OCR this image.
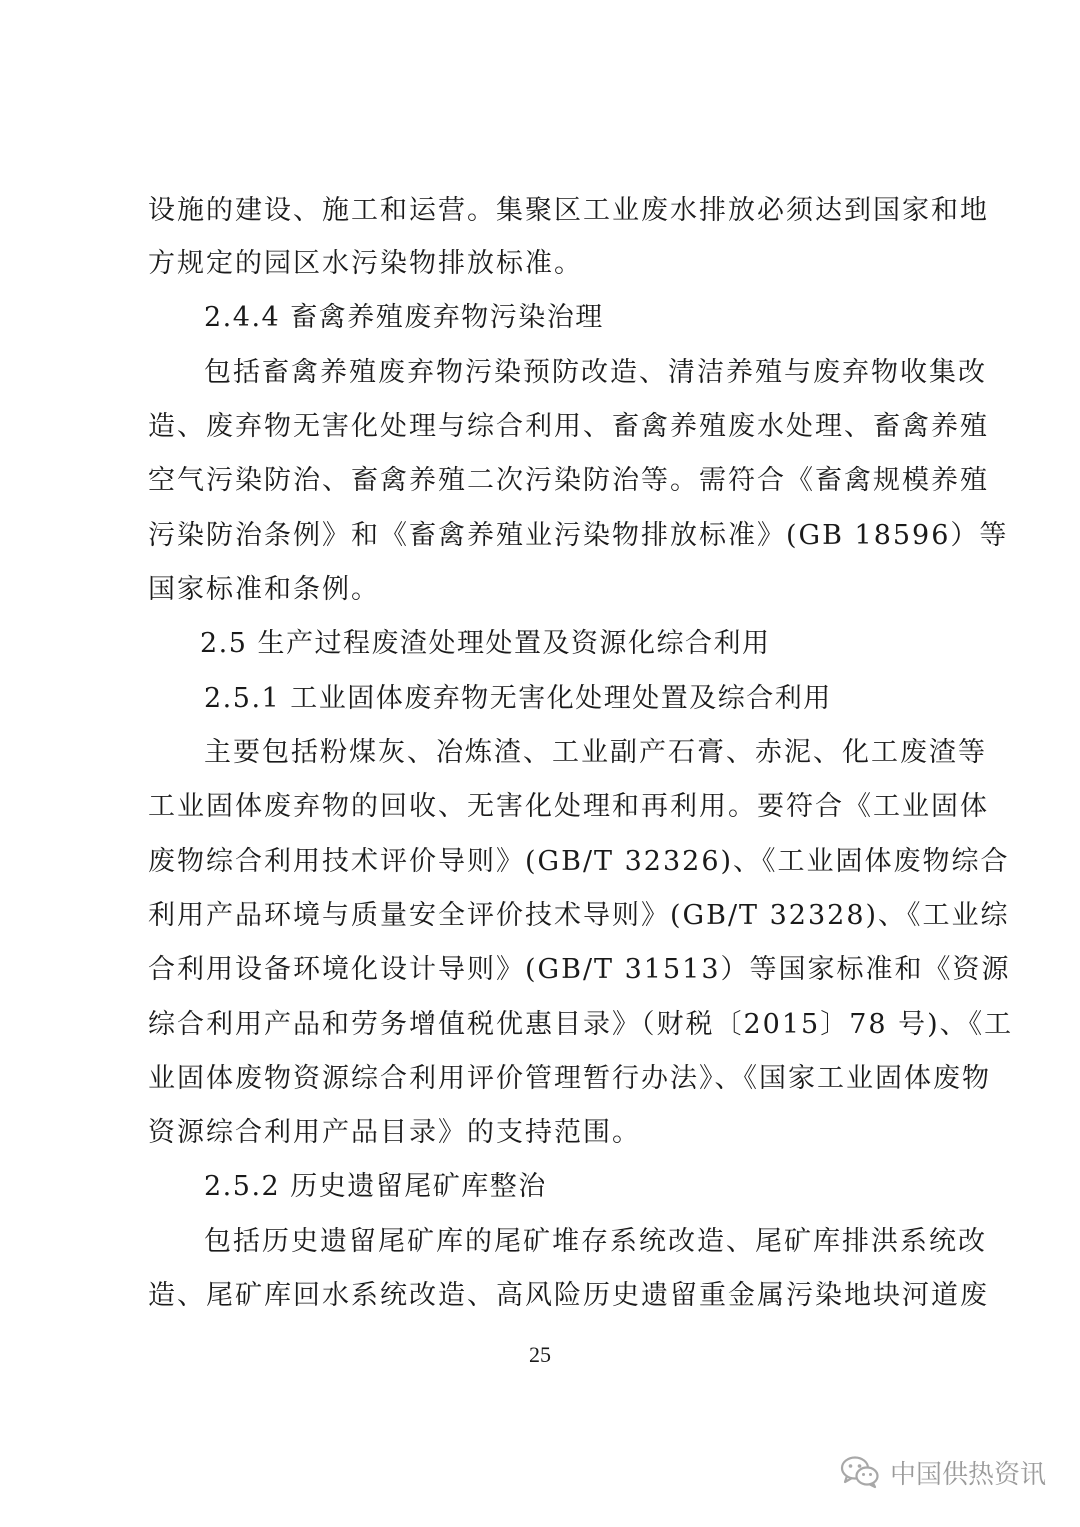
设施的建设、施工和运营。集聚区工业废水排放必须达到国家和地
方规定的园区水污染物排放标准。
2.4.4 畜禽养殖废弃物污染治理
包括畜禽养殖废弃物污染预防改造、清洁养殖与废弃物收集改
造、废弃物无害化处理与综合利用、畜禽养殖废水处理、畜禽养殖
空气污染防治、畜禽养殖二次污染防治等。需符合《畜禽规模养殖
污染防治条例》和《畜禽养殖业污染物排放标准》(GB 18596）等
国家标准和条例。
2.5 生产过程废渣处理处置及资源化综合利用
2.5.1 工业固体废弃物无害化处理处置及综合利用
主要包括粉煤灰、冶炼渣、工业副产石膏、赤泥、化工废渣等
工业固体废弃物的回收、无害化处理和再利用。要符合《工业固体
废物综合利用技术评价导则》(GB/T 32326)、《工业固体废物综合
利用产品环境与质量安全评价技术导则》(GB/T 32328)、《工业综
合利用设备环境化设计导则》(GB/T 31513）等国家标准和《资源
综合利用产品和劳务增值税优惠目录》（财税〔2015〕78 号)、《工
业固体废物资源综合利用评价管理暂行办法》、《国家工业固体废物
资源综合利用产品目录》的支持范围。
2.5.2 历史遗留尾矿库整治
包括历史遗留尾矿库的尾矿堆存系统改造、尾矿库排洪系统改
造、尾矿库回水系统改造、高风险历史遗留重金属污染地块河道废
25
中国供热资讯
